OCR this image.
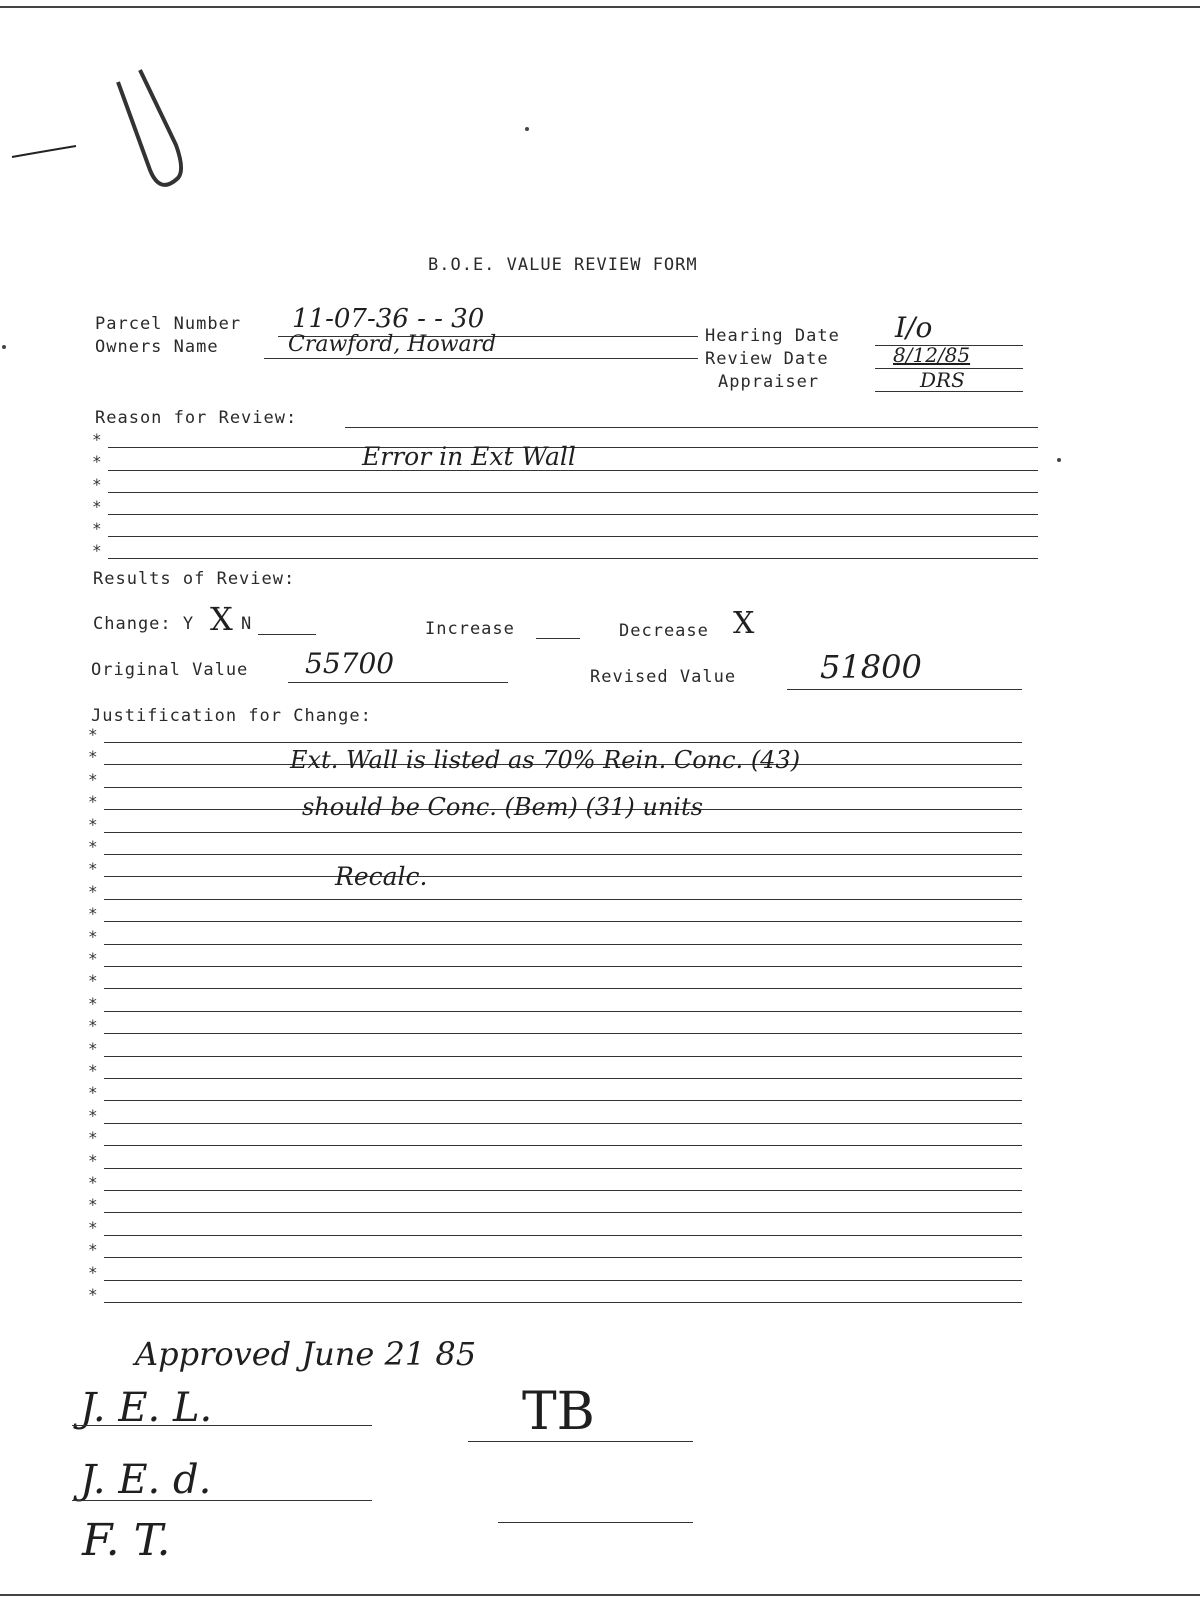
B.O.E. VALUE REVIEW FORM
Parcel Number 11-07-36 - - 30
Owners Name	Crawford, Howard	Hearing Date I/o
Review Date	8/12/85
Appraiser	DRS
Reason for Review:
*
*	Error in Ext Wall
*
*
*
*
Results of Review:
Change: Y X N	Increase	Decrease X
Original Value 55700	Revised Value	51800
Justification for Change:
*
*
*
*
*
*
*
*
*
*
*
*
*
*
*
*
*
*
*
*
*
*
*
*
*
*
Ext. Wall is listed as 70% Rein. Conc. (43)
should be Conc. (Bem) (31) units
Recalc.
Approved June 21 85
J. E. L.	TB
J. E. d.
F. T.
